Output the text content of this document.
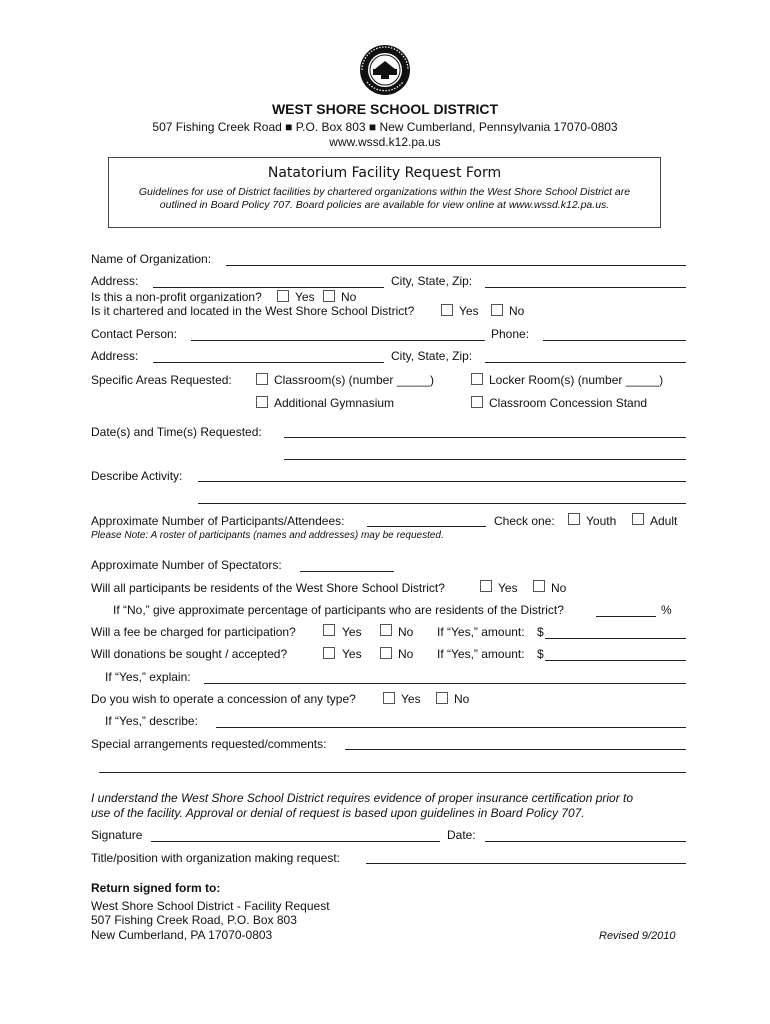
WEST SHORE SCHOOL DISTRICT
507 Fishing Creek Road ■ P.O. Box 803 ■ New Cumberland, Pennsylvania 17070-0803
www.wssd.k12.pa.us
Natatorium Facility Request Form
Guidelines for use of District facilities by chartered organizations within the West Shore School District are
outlined in Board Policy 707. Board policies are available for view online at www.wssd.k12.pa.us.
Name of Organization:
Address:	City, State, Zip:
Is this a non-profit organization?	Yes No
Is it chartered and located in the West Shore School District?	Yes	No
Contact Person:	Phone:
Address:	City, State, Zip:
Specific Areas Requested:	Classroom(s) (number _____)	Locker Room(s) (number _____)
Additional Gymnasium	Classroom Concession Stand
Date(s) and Time(s) Requested:
Describe Activity:
Approximate Number of Participants/Attendees:	Check one:	Youth	Adult
Please Note: A roster of participants (names and addresses) may be requested.
Approximate Number of Spectators:
Will all participants be residents of the West Shore School District?	Yes	No
If “No,” give approximate percentage of participants who are residents of the District?	%
Will a fee be charged for participation?	Yes	No If “Yes,” amount: $
Will donations be sought / accepted?	Yes	No If “Yes,” amount: $
If “Yes,” explain:
Do you wish to operate a concession of any type?	Yes	No
If “Yes,” describe:
Special arrangements requested/comments:
I understand the West Shore School District requires evidence of proper insurance certification prior to
use of the facility. Approval or denial of request is based upon guidelines in Board Policy 707.
Signature	Date:
Title/position with organization making request:
Return signed form to:
West Shore School District - Facility Request
507 Fishing Creek Road, P.O. Box 803
New Cumberland, PA 17070-0803	Revised 9/2010
